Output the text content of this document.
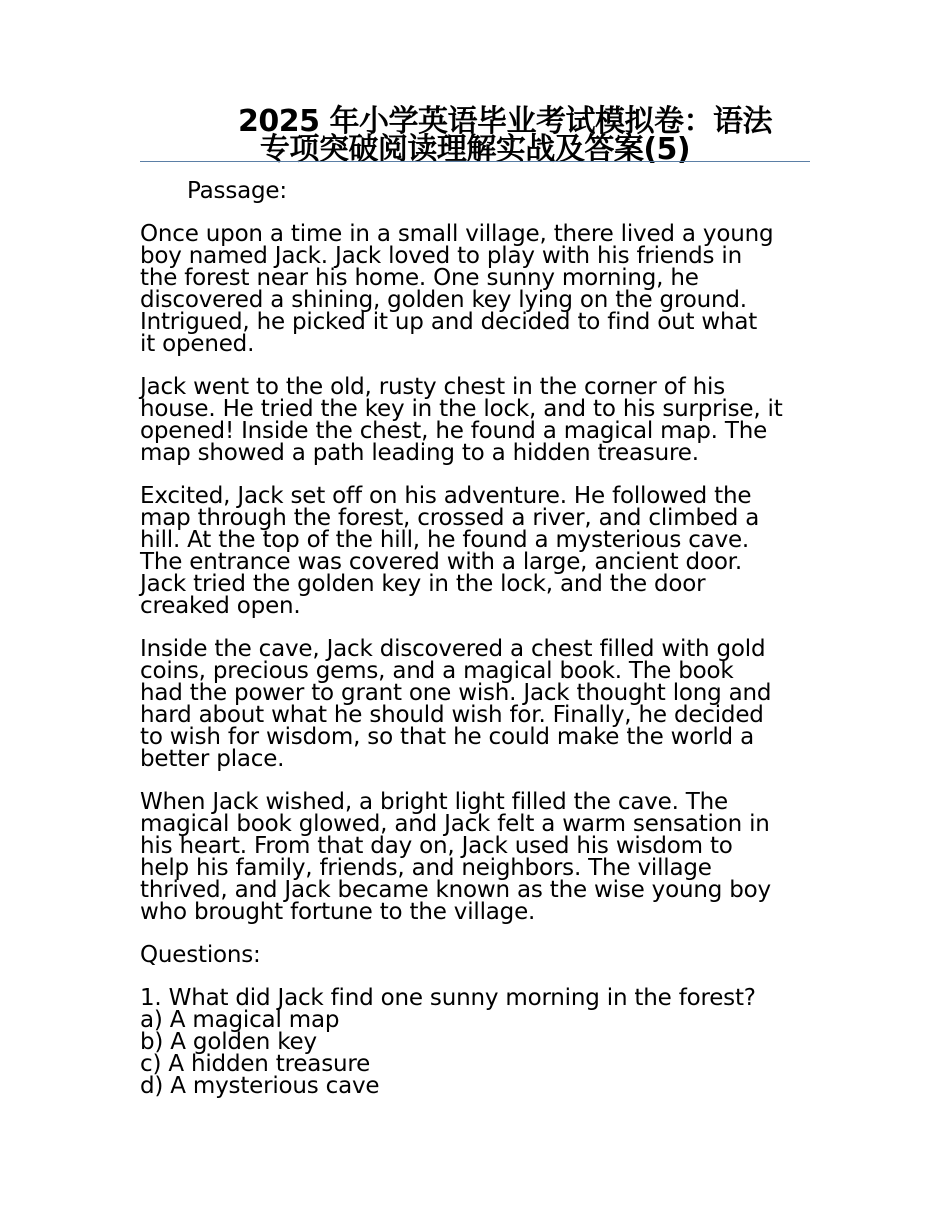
2025 年小学英语毕业考试模拟卷：语法
专项突破阅读理解实战及答案(5)
Passage:
Once upon a time in a small village, there lived a young
boy named Jack. Jack loved to play with his friends in
the forest near his home. One sunny morning, he
discovered a shining, golden key lying on the ground.
Intrigued, he picked it up and decided to find out what
it opened.
Jack went to the old, rusty chest in the corner of his
house. He tried the key in the lock, and to his surprise, it
opened! Inside the chest, he found a magical map. The
map showed a path leading to a hidden treasure.
Excited, Jack set off on his adventure. He followed the
map through the forest, crossed a river, and climbed a
hill. At the top of the hill, he found a mysterious cave.
The entrance was covered with a large, ancient door.
Jack tried the golden key in the lock, and the door
creaked open.
Inside the cave, Jack discovered a chest filled with gold
coins, precious gems, and a magical book. The book
had the power to grant one wish. Jack thought long and
hard about what he should wish for. Finally, he decided
to wish for wisdom, so that he could make the world a
better place.
When Jack wished, a bright light filled the cave. The
magical book glowed, and Jack felt a warm sensation in
his heart. From that day on, Jack used his wisdom to
help his family, friends, and neighbors. The village
thrived, and Jack became known as the wise young boy
who brought fortune to the village.
Questions:
1. What did Jack find one sunny morning in the forest?
a) A magical map
b) A golden key
c) A hidden treasure
d) A mysterious cave
